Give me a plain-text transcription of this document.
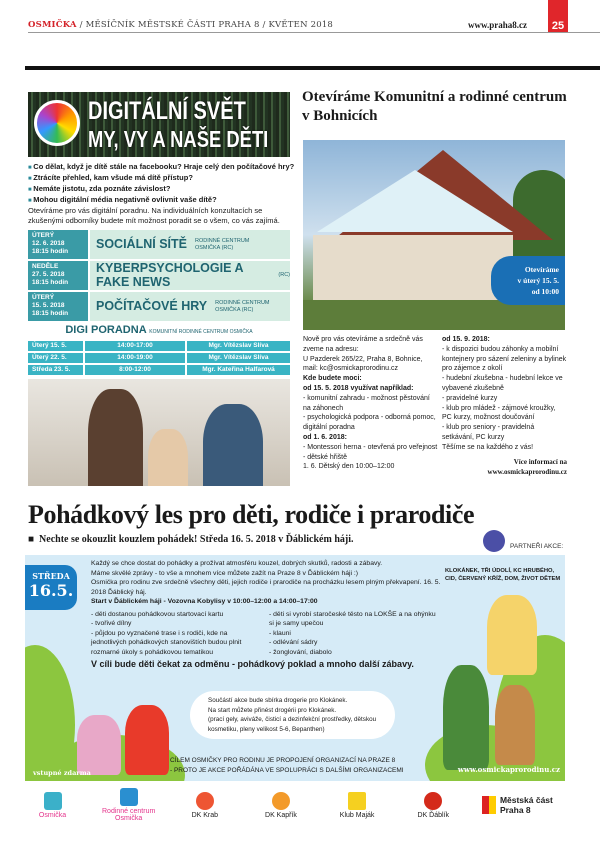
OSMIČKA / MĚSÍČNÍK MĚSTSKÉ ČÁSTI PRAHA 8 / KVĚTEN 2018	www.praha8.cz	25
DIGITÁLNÍ SVĚT
MY, VY A NAŠE DĚTI

■ Co dělat, když je dítě stále na facebooku? Hraje celý den počítačové hry?

■ Ztrácíte přehled, kam všude má dítě přístup?

■ Nemáte jistotu, zda poznáte závislost?

■ Mohou digitální média negativně ovlivnit vaše dítě?

Otevíráme pro vás digitální poradnu. Na individuálních konzultacích se zkušenými odborníky budete mít možnost poradit se o všem, co vás zajímá.

ÚTERÝ
12. 6. 2018
18:15 hodin
SOCIÁLNÍ SÍTĚ RODINNÉ CENTRUM OSMIČKA (RC)
NEDĚLE
27. 5. 2018
18:15 hodin
KYBERPSYCHOLOGIE A FAKE NEWS	(RC)
ÚTERÝ
15. 5. 2018
18:15 hodin
POČÍTAČOVÉ HRY RODINNÉ CENTRUM OSMIČKA (RC)
DIGI PORADNA KOMUNITNÍ RODINNÉ CENTRUM OSMIČKA
Úterý 15. 5.	14:00-17:00	Mgr. Vítězslav Slíva
Úterý 22. 5.	14:00-19:00	Mgr. Vítězslav Slíva
Středa 23. 5.	8:00-12:00	Mgr. Kateřina Halfarová
Otevíráme Komunitní a rodinné centrum v Bohnicích
Otevíráme
v úterý 15. 5.
od 10:00

Nově pro vás otevíráme a srdečně vás zveme na adresu:

U Pazderek 265/22, Praha 8, Bohnice,

mail: kc@osmickaprorodinu.cz

Kde budete moci:

od 15. 5. 2018 využívat například:

- komunitní zahradu - možnost pěstování na záhonech

- psychologická podpora - odborná pomoc, digitální poradna

od 1. 6. 2018:

- Montessori herna - otevřená pro veřejnost

- dětské hřiště

1. 6. Dětský den 10:00–12:00

od 15. 9. 2018:

- k dispozici budou záhonky a mobilní kontejnery pro sázení zeleniny a bylinek pro zájemce z okolí

- hudební zkušebna - hudební lekce ve vybavené zkušebně

- pravidelné kurzy

- klub pro mládež - zájmové kroužky, PC kurzy, možnost doučování

- klub pro seniory - pravidelná setkávání, PC kurzy

Těšíme se na každého z vás!

Více informací na
www.osmickaprorodinu.cz
Pohádkový les pro děti, rodiče i prarodiče
■  Nechte se okouzlit kouzlem pohádek! Středa 16. 5. 2018 v Ďáblickém háji.
PARTNEŘI AKCE:
STŘEDA
16.5.

Každý se chce dostat do pohádky a prožívat atmosféru kouzel, dobrých skutků, radosti a zábavy.

Máme skvělé zprávy - to vše a mnohem více můžete zažít na Praze 8 v Ďáblickém háji :)

Osmička pro rodinu zve srdečně všechny děti, jejich rodiče i prarodiče na procházku lesem plným překvapení. 16. 5. 2018 Ďáblický háj.

Start v Ďáblickém háji - Vozovna Kobylisy v 10:00–12:00 a 14:00–17:00

- děti dostanou pohádkovou startovací kartu

- tvořivé dílny

- půjdou po vyznačené trase i s rodiči, kde na jednotlivých pohádkových stanovištích budou plnit rozmarné úkoly s pohádkovou tematikou

- děti si vyrobí staročeské těsto na LOKŠE a na ohýnku si je samy upečou

- klauni

- odlévání sádry

- žonglování, diabolo

V cíli bude děti čekat za odměnu - pohádkový poklad a mnoho další zábavy.

Součástí akce bude sbírka drogerie pro Klokánek.

Na start můžete přinést drogérii pro Klokánek.

(prací gely, aviváže, čisticí a dezinfekční prostředky, dětskou kosmetiku, pleny velikost 5-6, Bepanthen)

CÍLEM OSMIČKY PRO RODINU JE PROPOJENÍ ORGANIZACÍ NA PRAZE 8

- PROTO JE AKCE POŘÁDÁNA VE SPOLUPRÁCI S DALŠÍMI ORGANIZACEMI

KLOKÁNEK, TŘI ÚDOLÍ, KC HRUBÉHO, CID, ČERVENÝ KŘÍŽ, DOM, ŽIVOT DĚTEM
vstupné zdarma	www.osmickaprorodinu.cz
Osmička	Rodinné centrum Osmička	DK Krab	DK Kapřík	Klub Maják	DK Ďáblík
Městská část Praha 8
